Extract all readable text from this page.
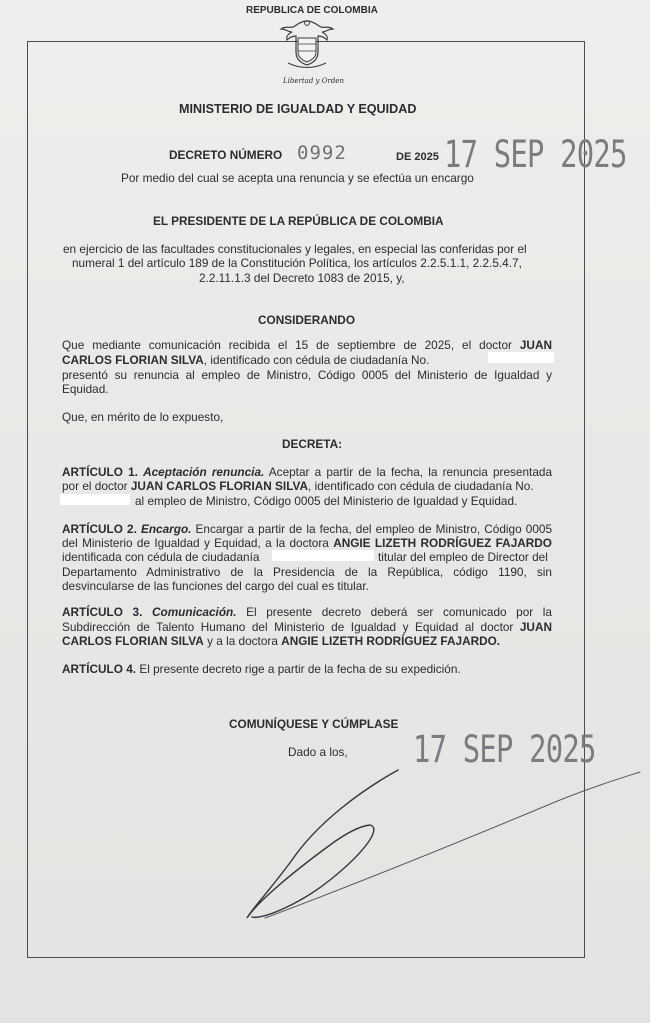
REPUBLICA DE COLOMBIA
Libertad y Orden
MINISTERIO DE IGUALDAD Y EQUIDAD
DECRETO NÚMERO 0992	DE 2025 17 SEP 2025
Por medio del cual se acepta una renuncia y se efectúa un encargo
EL PRESIDENTE DE LA REPÚBLICA DE COLOMBIA
en ejercicio de las facultades constitucionales y legales, en especial las conferidas por el
numeral 1 del artículo 189 de la Constitución Política, los artículos 2.2.5.1.1, 2.2.5.4.7,
2.2.11.1.3 del Decreto 1083 de 2015, y,
CONSIDERANDO
Que mediante comunicación recibida el 15 de septiembre de 2025, el doctor JUAN
CARLOS FLORIAN SILVA, identificado con cédula de ciudadanía No.
presentó su renuncia al empleo de Ministro, Código 0005 del Ministerio de Igualdad y
Equidad.
Que, en mérito de lo expuesto,
DECRETA:
ARTÍCULO 1. Aceptación renuncia. Aceptar a partir de la fecha, la renuncia presentada
por el doctor JUAN CARLOS FLORIAN SILVA, identificado con cédula de ciudadanía No.
al empleo de Ministro, Código 0005 del Ministerio de Igualdad y Equidad.
ARTÍCULO 2. Encargo. Encargar a partir de la fecha, del empleo de Ministro, Código 0005
del Ministerio de Igualdad y Equidad, a la doctora ANGIE LIZETH RODRÍGUEZ FAJARDO
identificada con cédula de ciudadanía	titular del empleo de Director del
Departamento Administrativo de la Presidencia de la República, código 1190, sin
desvincularse de las funciones del cargo del cual es titular.
ARTÍCULO 3. Comunicación. El presente decreto deberá ser comunicado por la
Subdirección de Talento Humano del Ministerio de Igualdad y Equidad al doctor JUAN
CARLOS FLORIAN SILVA y a la doctora ANGIE LIZETH RODRÍGUEZ FAJARDO.
ARTÍCULO 4. El presente decreto rige a partir de la fecha de su expedición.
COMUNÍQUESE Y CÚMPLASE
Dado a los, 17 SEP 2025
